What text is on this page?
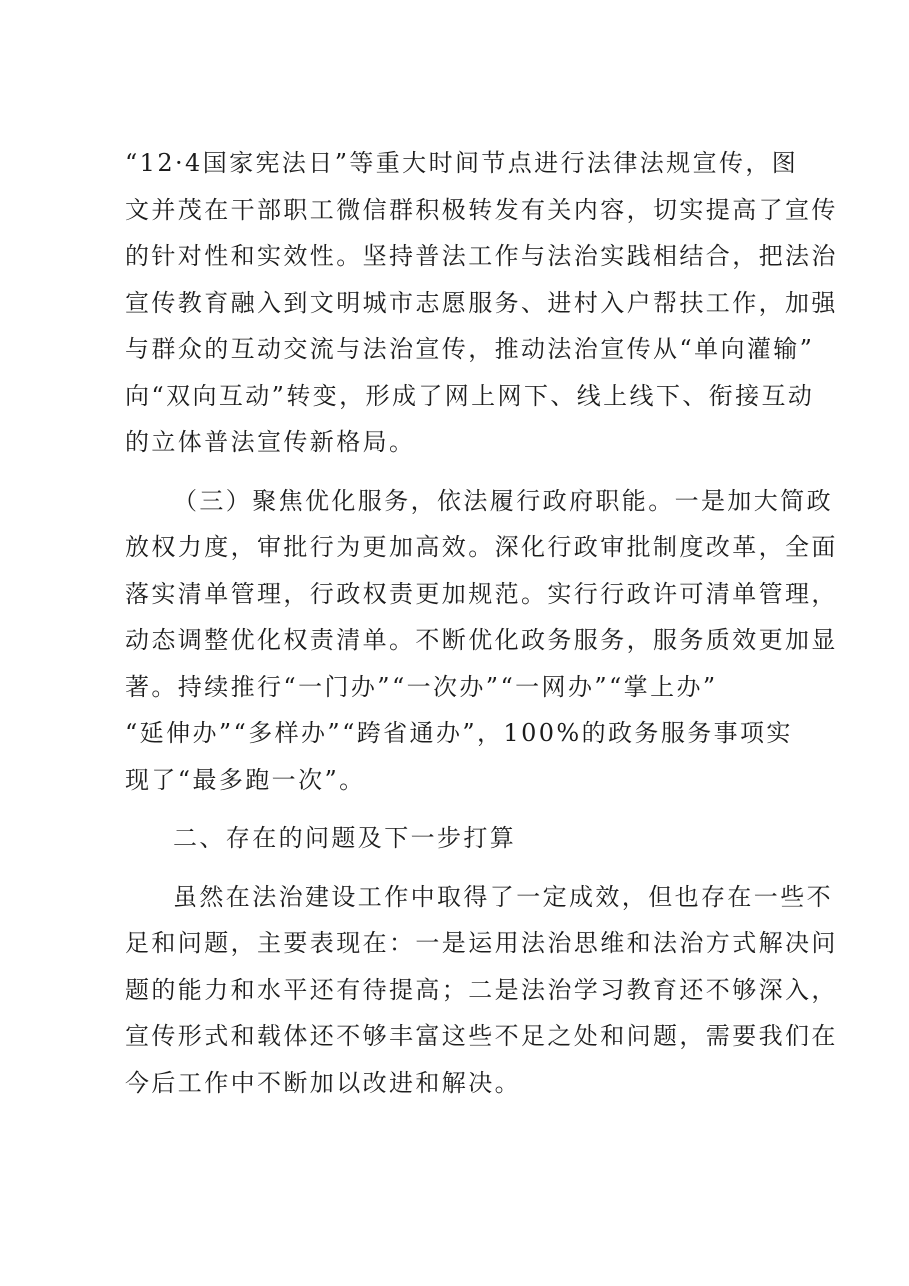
“12·4国家宪法日”等重大时间节点进行法律法规宣传，图
文并茂在干部职工微信群积极转发有关内容，切实提高了宣传
的针对性和实效性。坚持普法工作与法治实践相结合，把法治
宣传教育融入到文明城市志愿服务、进村入户帮扶工作，加强
与群众的互动交流与法治宣传，推动法治宣传从“单向灌输”
向“双向互动”转变，形成了网上网下、线上线下、衔接互动
的立体普法宣传新格局。

（三）聚焦优化服务，依法履行政府职能。一是加大简政
放权力度，审批行为更加高效。深化行政审批制度改革，全面
落实清单管理，行政权责更加规范。实行行政许可清单管理，
动态调整优化权责清单。不断优化政务服务，服务质效更加显
著。持续推行“一门办”“一次办”“一网办”“掌上办”
“延伸办”“多样办”“跨省通办”，100%的政务服务事项实
现了“最多跑一次”。

二、存在的问题及下一步打算

虽然在法治建设工作中取得了一定成效，但也存在一些不
足和问题，主要表现在：一是运用法治思维和法治方式解决问
题的能力和水平还有待提高；二是法治学习教育还不够深入，
宣传形式和载体还不够丰富这些不足之处和问题，需要我们在
今后工作中不断加以改进和解决。
